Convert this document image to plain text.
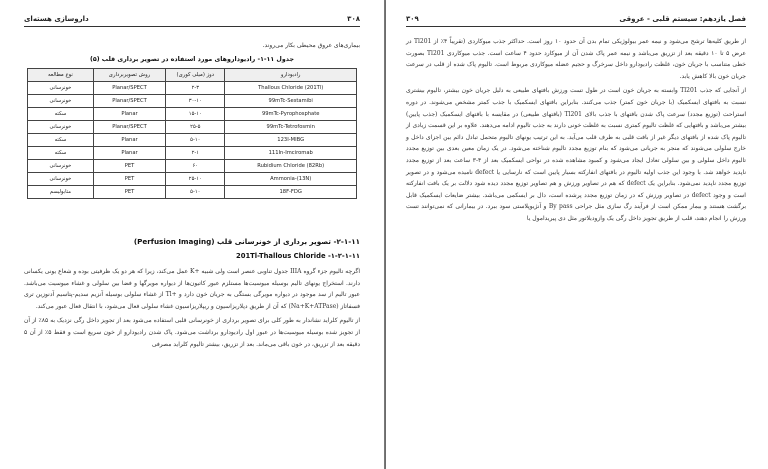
۳۰۸
داروسازی هسته‌ای

بیماری‌های عروق محیطی بکار می‌روند.

جدول ۱۱-۱- رادیوداروهای مورد استفاده در تصویر برداری قلب (۵)
رادیودارو	دوز (میلی کوری)	روش تصویربرداری	نوع مطالعه
Thallous Chloride (201Tl)	۲-۳	Planar/SPECT	خونرسانی
99mTc-Sestamibi	۳۰-۱۰	Planar/SPECT	خونرسانی
99mTc-Pyrophosphate	۱۵-۱۰	Planar	سکته
99mTc-Tetrofosmin	۲۵-۵	Planar/SPECT	خونرسانی
123I-MIBG	۵-۱۰	Planar	سکته
111In-Imciromab	۲-۱	Planar	سکته
(82Rb) Rubidium Chloride	۶۰	PET	خونرسانی
(13N)-Ammonia	۲۵-۱۰	PET	خونرسانی
18F-FDG	۵-۱۰	PET	متابولیسم
۲-۱-۱۱- تصویر برداری از خونرسانی قلب (Perfusion Imaging)
۱-۲-۱-۱۱- 201Tl-Thallous Chloride

اگرچه تالیوم جزء گروه IIIA جدول تناوبی عنصر است ولی شبیه +K عمل می‌کند، زیرا که هر دو یک ظرفیتی بوده و شعاع یونی یکسانی دارند. استخراج یونهای تالیم بوسیله میوسیت‌ها مستلزم عبور کاتیون‌ها از دیواره مویرگها و فضا بین سلولی و غشاء میوسیت می‌باشد. عبور تالیم از سد موجود در دیواره مویرگی بستگی به جریان خون دارد و +Tl از غشاء سلولی بوسیله آنزیم سدیم-پتاسیم آدنوزین تری فسفاتاز (Na+K+ATPase) که آن از طریق دپلاریزاسیون و ریپلاریزاسیون غشاء سلولی فعال می‌شود، با انتقال فعال عبور می‌کند.

از تالیوم کلراید نشاندار به طور کلی برای تصویر برداری از خونرسانی قلبی استفاده می‌شود بعد از تجویز داخل رگی نزدیک به ۸۵٪ از آن از تجویز شده بوسیله میوسیت‌ها در عبور اول رادیودارو برداشت می‌شود. پاک شدن رادیودارو از خون سریع است و فقط ۵٪ از آن ۵ دقیقه بعد از تزریق، در خون باقی می‌ماند. بعد از تزریق، بیشتر تالیوم کلراید مصرفی

فصل یازدهم: سیستم قلبی - عروقی
۳۰۹

از طریق کلیه‌ها ترشح می‌شود و نیمه عمر بیولوژیکی تمام بدن آن حدود ۱۰ روز است. حداکثر جذب میوکاردی (تقریباً ۴٪ از Tl201 در عرض ۵ تا ۱۰ دقیقه بعد از تزریق می‌باشد و نیمه عمر پاک شدن آن از میوکارد حدود ۴ ساعت است. جذب میوکاردی Tl201 بصورت خطی متناسب با جریان خون، غلظت رادیودارو داخل سرخرگ و حجیم عضله میوکاردی مربوط است. تالیوم پاک شده از قلب در سرعت جریان خون بالا کاهش یابد.

از آنجایی که جذب Tl201 وابسته به جریان خون است در طول تست ورزش بافتهای طبیعی به دلیل جریان خون بیشتر، تالیوم بیشتری نسبت به بافتهای ایسکمیک (با جریان خون کمتر) جذب می‌کنند. بنابراین بافتهای ایسکمیک با جذب کمتر مشخص می‌شوند. در دوره استراحت (توزیع مجدد) سرعت پاک شدن بافتهای با جذب بالای Tl201 (بافتهای طبیعی) در مقایسه با بافتهای ایسکمیک (جذب پایین) بیشتر می‌باشد و بافتهایی که غلظت تالیوم کمتری نسبت به غلظت خونی دارند به جذب تالیوم ادامه می‌دهند. علاوه بر این قسمت زیادی از تالیوم پاک شده از بافتهای دیگر غیر از بافت قلبی به طرف قلب می‌آید. به این ترتیب یونهای تالیوم متحمل تبادل دائم بین اجزای داخل و خارج سلولی می‌شوند که منجر به جریانی می‌شود که بنام توزیع مجدد تالیوم شناخته می‌شود. در یک زمان معین بعدی بین توزیع مجدد تالیوم داخل سلولی و بین سلولی تعادل ایجاد می‌شود و کمبود مشاهده شده در نواحی ایسکمیک بعد از ۴-۳ ساعت بعد از توزیع مجدد ناپدید خواهد شد. با وجود این جذب اولیه تالیوم در بافتهای انفارکته بسیار پایین است که نارسایی یا defect نامیده می‌شود و در تصویر توزیع مجدد ناپدید نمی‌شود. بنابراین یک defect که هم در تصاویر ورزش و هم تصاویر توزیع مجدد دیده شود دلالت بر یک بافت انفارکته است و وجود defect در تصاویر ورزش که در زمان توزیع مجدد پرشده است، دال بر ایسکمی می‌باشد. بیشتر ضایعات ایسکمیک قابل برگشت هستند و بیمار ممکن است از فرآیند رگ سازی مثل جراحی By pass و آنژیوپلاستی سود ببرد. در بیمارانی که نمی‌توانند تست ورزش را انجام دهند، قلب از طریق تجویز داخل رگی یک وازودیلاتور مثل دی پیریدامول یا
